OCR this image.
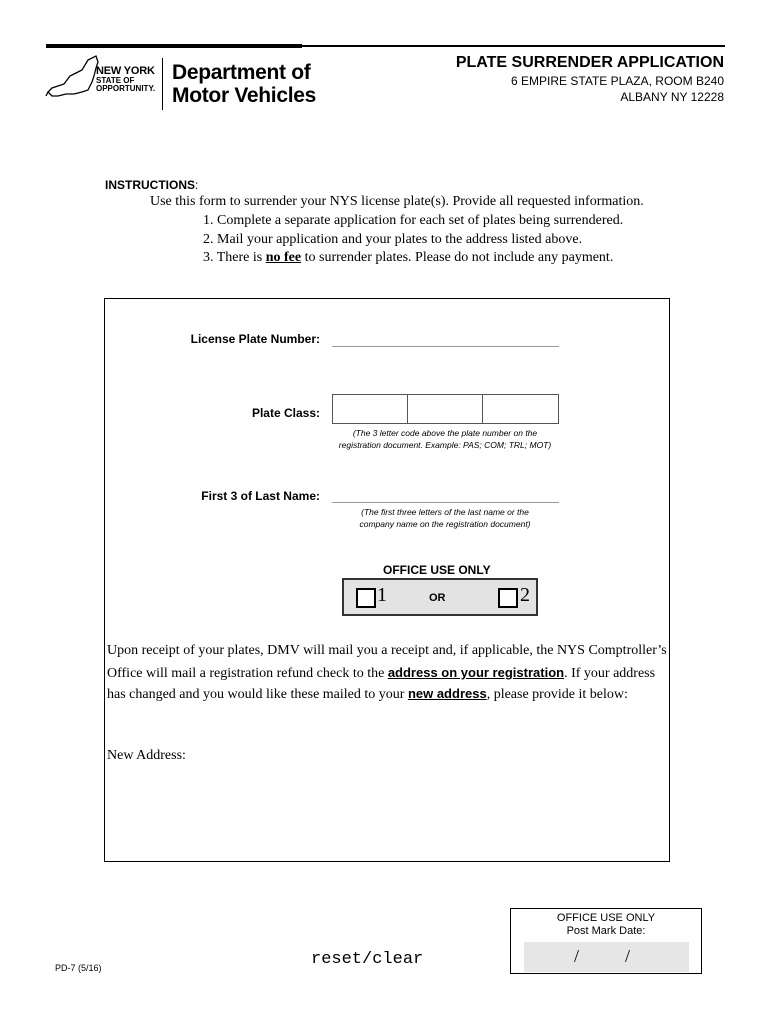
NEW YORK
STATE OF
OPPORTUNITY.
Department of
Motor Vehicles
PLATE SURRENDER APPLICATION
6 EMPIRE STATE PLAZA, ROOM B240
ALBANY NY 12228
INSTRUCTIONS:
Use this form to surrender your NYS license plate(s). Provide all requested information.
1. Complete a separate application for each set of plates being surrendered.
2. Mail your application and your plates to the address listed above.
3. There is no fee to surrender plates. Please do not include any payment.
License Plate Number:
Plate Class:
(The 3 letter code above the plate number on the
registration document. Example: PAS; COM; TRL; MOT)
First 3 of Last Name:
(The first three letters of the last name or the
company name on the registration document)
OFFICE USE ONLY
1	OR	2
Upon receipt of your plates, DMV will mail you a receipt and, if applicable, the NYS Comptroller’s
Office will mail a registration refund check to the address on your registration. If your address
has changed and you would like these mailed to your new address, please provide it below:
New Address:
OFFICE USE ONLY
Post Mark Date:
/	/
PD-7 (5/16)	reset/clear
